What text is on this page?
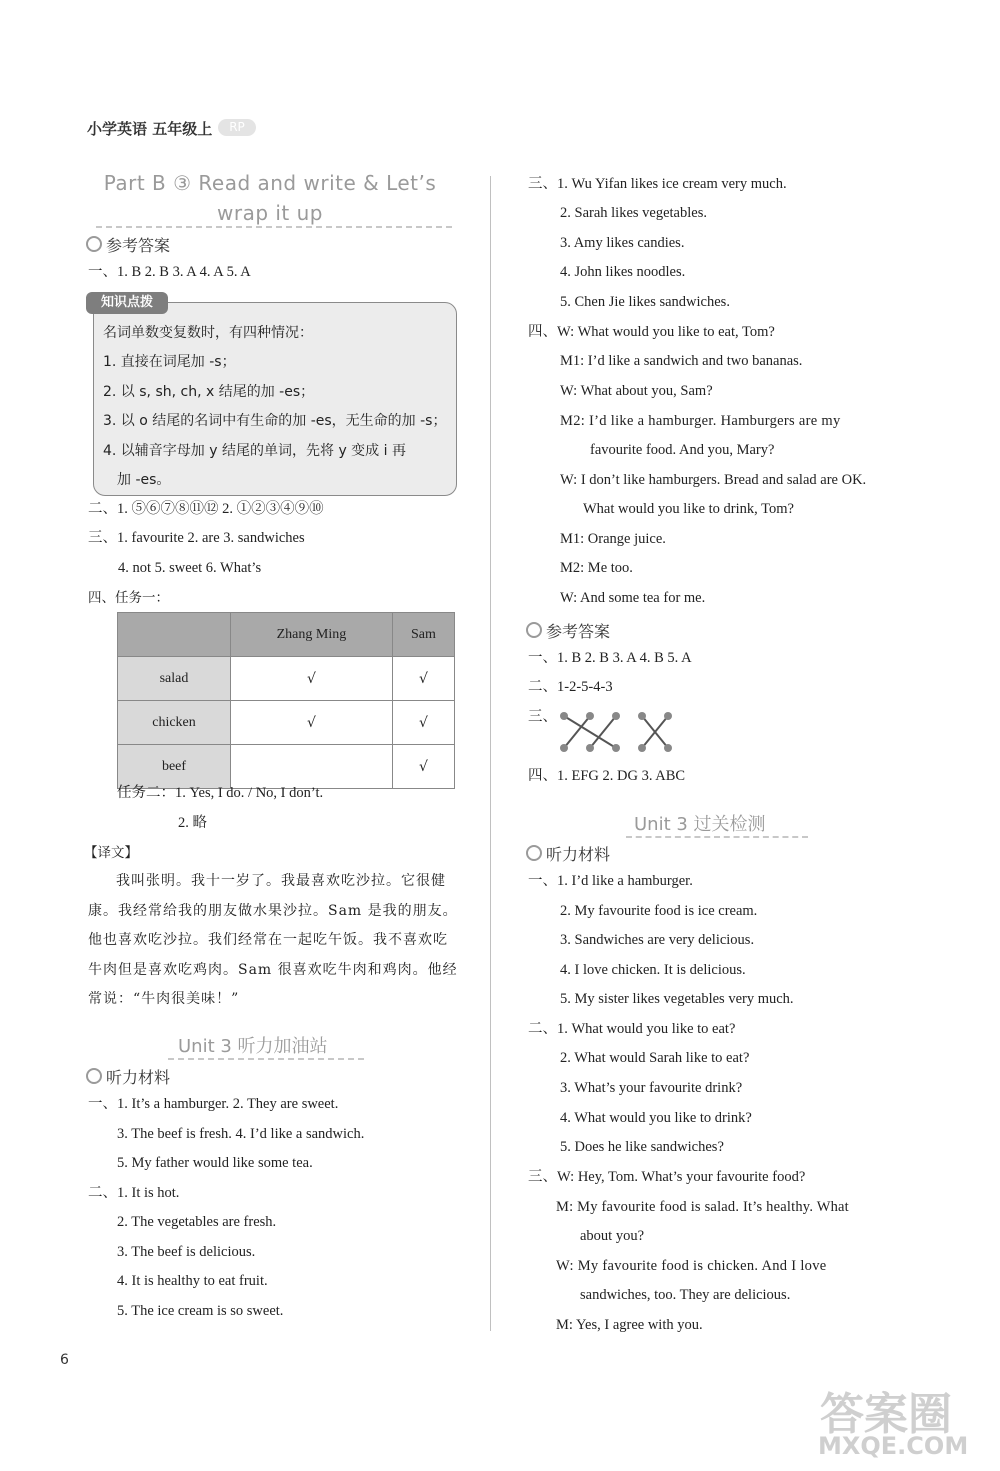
小学英语 五年级上	RP
Part B ③ Read and write & Let’s
wrap it up
参考答案
一、1. B 2. B 3. A 4. A 5. A
知识点拨
名词单数变复数时，有四种情况：
1. 直接在词尾加 -s；
2. 以 s, sh, ch, x 结尾的加 -es；
3. 以 o 结尾的名词中有生命的加 -es，无生命的加 -s；
4. 以辅音字母加 y 结尾的单词，先将 y 变成 i 再
加 -es。
二、1. ⑤⑥⑦⑧⑪⑫ 2. ①②③④⑨⑩
三、1. favourite 2. are 3. sandwiches
4. not 5. sweet 6. What’s
四、任务一：
	Zhang Ming	Sam
salad	√	√
chicken	√	√
beef		√
任务二：1. Yes, I do. / No, I don’t.
2. 略
【译文】
我叫张明。我十一岁了。我最喜欢吃沙拉。它很健康。我经常给我的朋友做水果沙拉。Sam 是我的朋友。他也喜欢吃沙拉。我们经常在一起吃午饭。我不喜欢吃牛肉但是喜欢吃鸡肉。Sam 很喜欢吃牛肉和鸡肉。他经常说：“牛肉很美味！”
Unit 3 听力加油站
听力材料
一、1. It’s a hamburger. 2. They are sweet.
3. The beef is fresh. 4. I’d like a sandwich.
5. My father would like some tea.
二、1. It is hot.
2. The vegetables are fresh.
3. The beef is delicious.
4. It is healthy to eat fruit.
5. The ice cream is so sweet.
三、1. Wu Yifan likes ice cream very much.
2. Sarah likes vegetables.
3. Amy likes candies.
4. John likes noodles.
5. Chen Jie likes sandwiches.
四、W: What would you like to eat, Tom?
M1: I’d like a sandwich and two bananas.
W: What about you, Sam?
M2: I’d like a hamburger. Hamburgers are my
favourite food. And you, Mary?
W: I don’t like hamburgers. Bread and salad are OK.
What would you like to drink, Tom?
M1: Orange juice.
M2: Me too.
W: And some tea for me.
参考答案
一、1. B 2. B 3. A 4. B 5. A
二、1-2-5-4-3
三、
四、1. EFG 2. DG 3. ABC
Unit 3 过关检测
听力材料
一、1. I’d like a hamburger.
2. My favourite food is ice cream.
3. Sandwiches are very delicious.
4. I love chicken. It is delicious.
5. My sister likes vegetables very much.
二、1. What would you like to eat?
2. What would Sarah like to eat?
3. What’s your favourite drink?
4. What would you like to drink?
5. Does he like sandwiches?
三、W: Hey, Tom. What’s your favourite food?
M: My favourite food is salad. It’s healthy. What
about you?
W: My favourite food is chicken. And I love
sandwiches, too. They are delicious.
M: Yes, I agree with you.
6
答案圈
MXQE.COM
